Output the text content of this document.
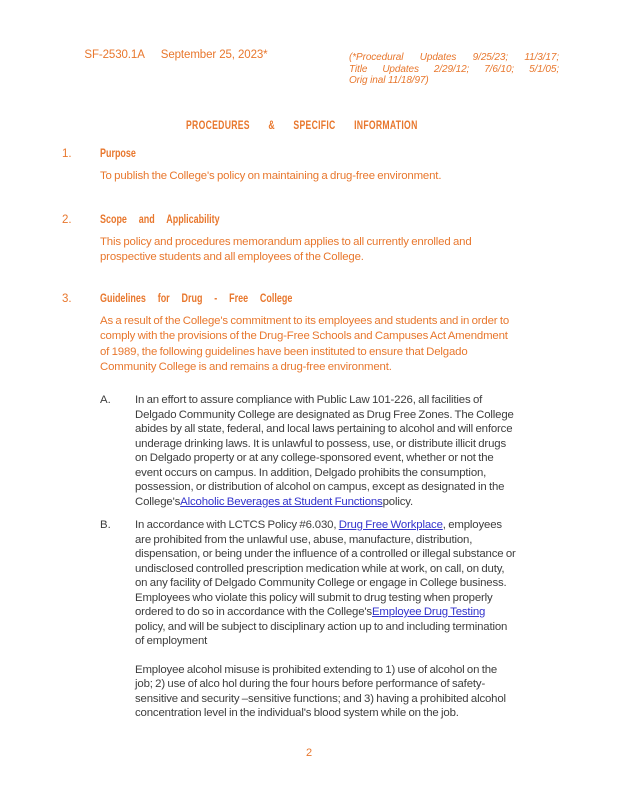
SF-2530.1A September 25, 2023*
	(*Procedural Updates 9/25/23; 11/3/17;
Title Updates 2/29/12; 7/6/10; 5/1/05;
Orig inal 11/18/97)
PROCEDURES & SPECIFIC INFORMATION
1.	Purpose
To publish the College's policy on maintaining a drug-free environment.
2.	Scope and Applicability
This policy and procedures memorandum applies to all currently enrolled and
prospective students and all employees of the College.
3.	Guidelines for Drug - Free College
As a result of the College's commitment to its employees and students and in order to
comply with the provisions of the Drug-Free Schools and Campuses Act Amendment
of 1989, the following guidelines have been instituted to ensure that Delgado
Community College is and remains a drug-free environment.
A.	In an effort to assure compliance with Public Law 101-226, all facilities of
Delgado Community College are designated as Drug Free Zones. The College
abides by all state, federal, and local laws pertaining to alcohol and will enforce
underage drinking laws. It is unlawful to possess, use, or distribute illicit drugs
on Delgado property or at any college-sponsored event, whether or not the
event occurs on campus. In addition, Delgado prohibits the consumption,
possession, or distribution of alcohol on campus, except as designated in the
College'sAlcoholic Beverages at Student Functionspolicy.
B.	In accordance with LCTCS Policy #6.030, Drug Free Workplace, employees
are prohibited from the unlawful use, abuse, manufacture, distribution,
dispensation, or being under the influence of a controlled or illegal substance or
undisclosed controlled prescription medication while at work, on call, on duty,
on any facility of Delgado Community College or engage in College business.
Employees who violate this policy will submit to drug testing when properly
ordered to do so in accordance with the College'sEmployee Drug Testing
policy, and will be subject to disciplinary action up to and including termination
of employment
Employee alcohol misuse is prohibited extending to 1) use of alcohol on the
job; 2) use of alco hol during the four hours before performance of safety-
sensitive and security –sensitive functions; and 3) having a prohibited alcohol
concentration level in the individual's blood system while on the job.
2
